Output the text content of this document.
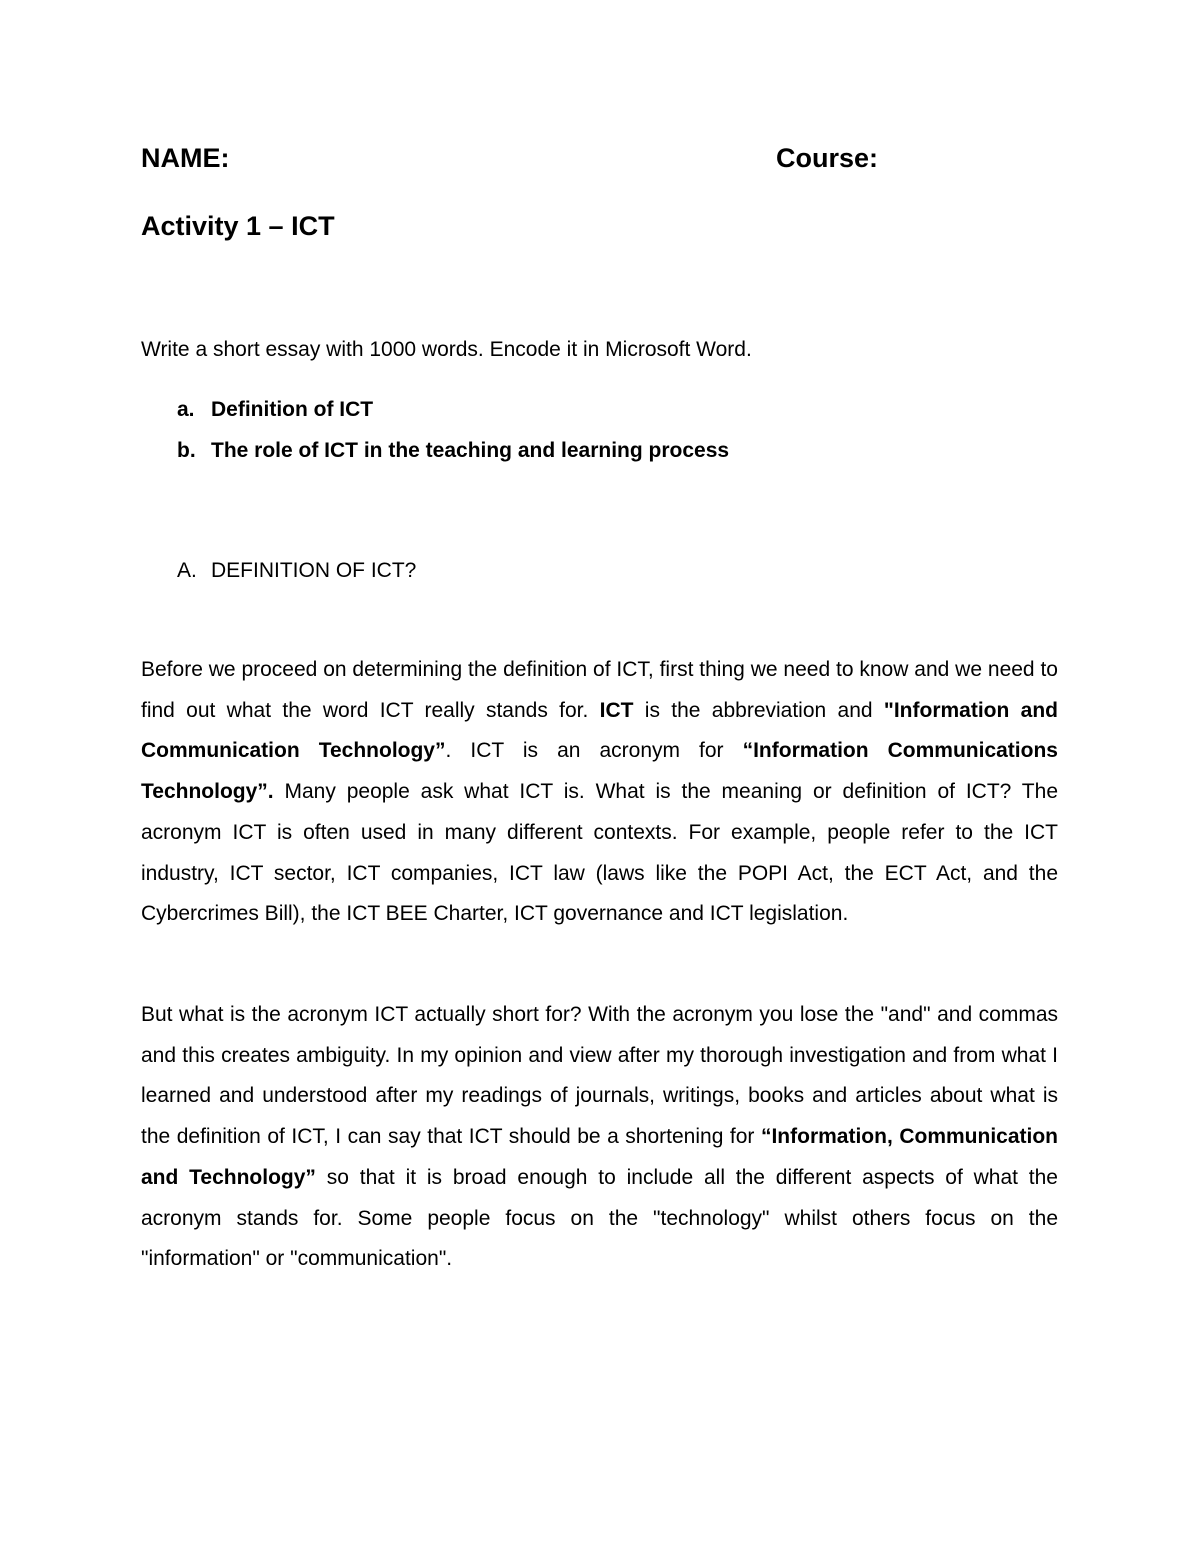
NAME:	Course:
Activity 1 – ICT
Write a short essay with 1000 words. Encode it in Microsoft Word.
a. Definition of ICT
b. The role of ICT in the teaching and learning process
A. DEFINITION OF ICT?

Before we proceed on determining the definition of ICT, first thing we need to know and we need to find out what the word ICT really stands for. ICT is the abbreviation and "Information and Communication Technology”. ICT is an acronym for “Information Communications Technology”. Many people ask what ICT is. What is the meaning or definition of ICT? The acronym ICT is often used in many different contexts. For example, people refer to the ICT industry, ICT sector, ICT companies, ICT law (laws like the POPI Act, the ECT Act, and the Cybercrimes Bill), the ICT BEE Charter, ICT governance and ICT legislation.

But what is the acronym ICT actually short for? With the acronym you lose the "and" and commas and this creates ambiguity. In my opinion and view after my thorough investigation and from what I learned and understood after my readings of journals, writings, books and articles about what is the definition of ICT, I can say that ICT should be a shortening for “Information, Communication and Technology” so that it is broad enough to include all the different aspects of what the acronym stands for. Some people focus on the "technology" whilst others focus on the "information" or "communication".
